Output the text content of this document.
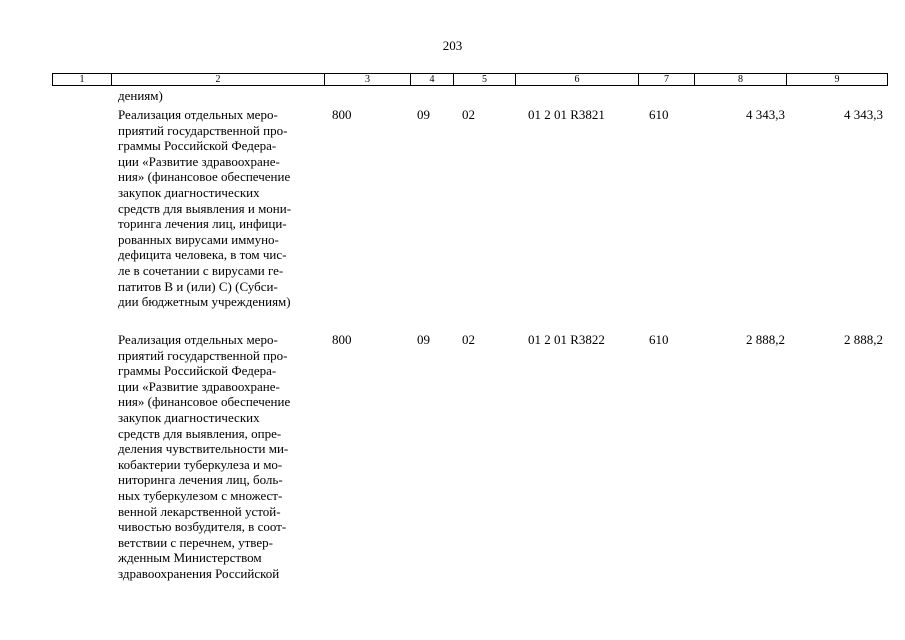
203
1	2	3	4	5	6	7	8	9
дениям)
Реализация отдельных меро-
приятий государственной про-
граммы Российской Федера-
ции «Развитие здравоохране-
ния» (финансовое обеспечение
закупок диагностических
средств для выявления и мони-
торинга лечения лиц, инфици-
рованных вирусами иммуно-
дефицита человека, в том чис-
ле в сочетании с вирусами ге-
патитов B и (или) C) (Субси-
дии бюджетным учреждениям)
800	09 02	01 2 01 R3821	610	4 343,3	4 343,3
Реализация отдельных меро-
приятий государственной про-
граммы Российской Федера-
ции «Развитие здравоохране-
ния» (финансовое обеспечение
закупок диагностических
средств для выявления, опре-
деления чувствительности ми-
кобактерии туберкулеза и мо-
ниторинга лечения лиц, боль-
ных туберкулезом с множест-
венной лекарственной устой-
чивостью возбудителя, в соот-
ветствии с перечнем, утвер-
жденным Министерством
здравоохранения Российской
800	09 02	01 2 01 R3822	610	2 888,2	2 888,2
